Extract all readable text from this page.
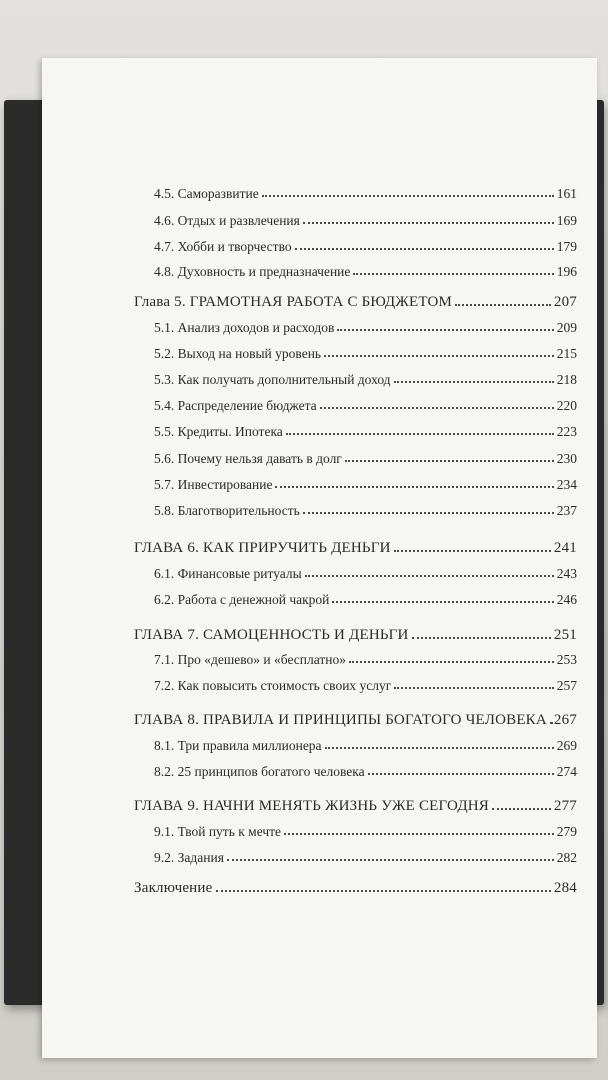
4.5. Саморазвитие	161
4.6. Отдых и развлечения	169
4.7. Хобби и творчество	179
4.8. Духовность и предназначение	196
Глава 5. ГРАМОТНАЯ РАБОТА С БЮДЖЕТОМ	207
5.1. Анализ доходов и расходов	209
5.2. Выход на новый уровень	215
5.3. Как получать дополнительный доход	218
5.4. Распределение бюджета	220
5.5. Кредиты. Ипотека	223
5.6. Почему нельзя давать в долг	230
5.7. Инвестирование	234
5.8. Благотворительность	237
ГЛАВА 6. КАК ПРИРУЧИТЬ ДЕНЬГИ	241
6.1. Финансовые ритуалы	243
6.2. Работа с денежной чакрой	246
ГЛАВА 7. САМОЦЕННОСТЬ И ДЕНЬГИ	251
7.1. Про «дешево» и «бесплатно»	253
7.2. Как повысить стоимость своих услуг	257
ГЛАВА 8. ПРАВИЛА И ПРИНЦИПЫ БОГАТОГО ЧЕЛОВЕКА 267
8.1. Три правила миллионера	269
8.2. 25 принципов богатого человека	274
ГЛАВА 9. НАЧНИ МЕНЯТЬ ЖИЗНЬ УЖЕ СЕГОДНЯ	277
9.1. Твой путь к мечте	279
9.2. Задания	282
Заключение	284
